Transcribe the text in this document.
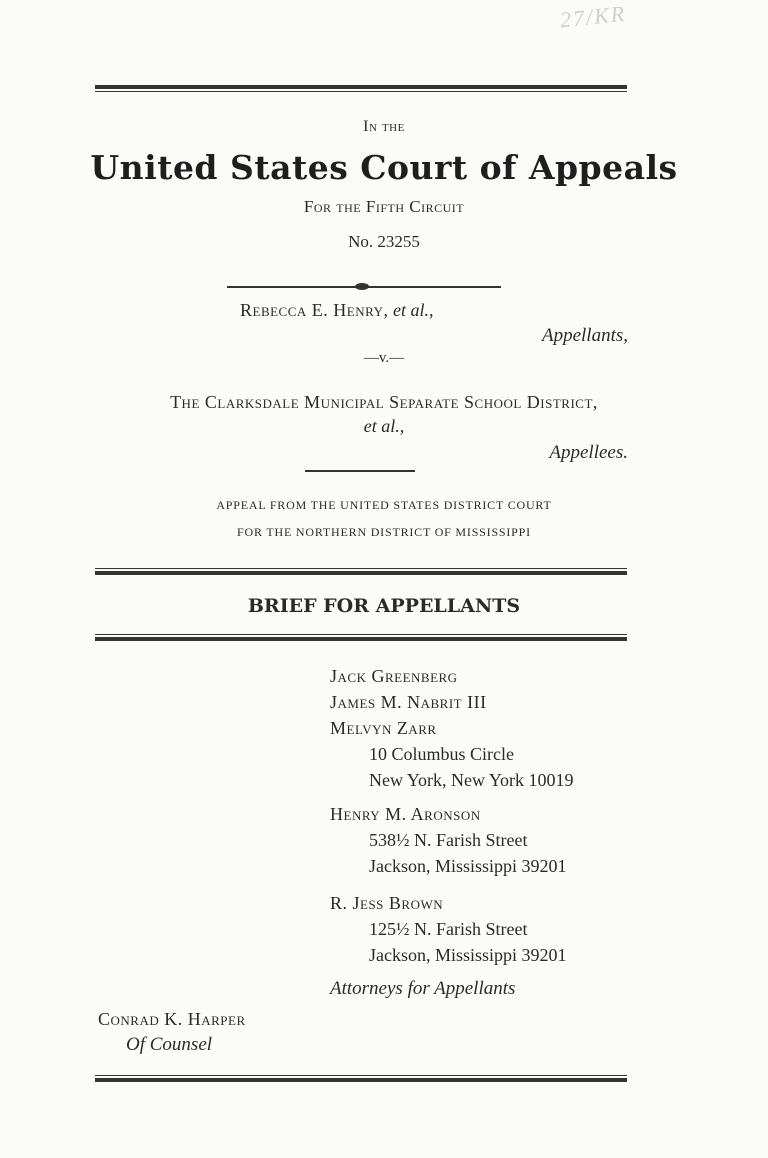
27/KR
In the
United States Court of Appeals
For the Fifth Circuit
No. 23255
Rebecca E. Henry, et al.,
Appellants,
—v.—
The Clarksdale Municipal Separate School District,
et al.,
Appellees.
APPEAL FROM THE UNITED STATES DISTRICT COURT
FOR THE NORTHERN DISTRICT OF MISSISSIPPI
BRIEF FOR APPELLANTS
Jack Greenberg
James M. Nabrit III
Melvyn Zarr
10 Columbus Circle
New York, New York 10019
Henry M. Aronson
538½ N. Farish Street
Jackson, Mississippi 39201
R. Jess Brown
125½ N. Farish Street
Jackson, Mississippi 39201
Attorneys for Appellants
Conrad K. Harper
Of Counsel
